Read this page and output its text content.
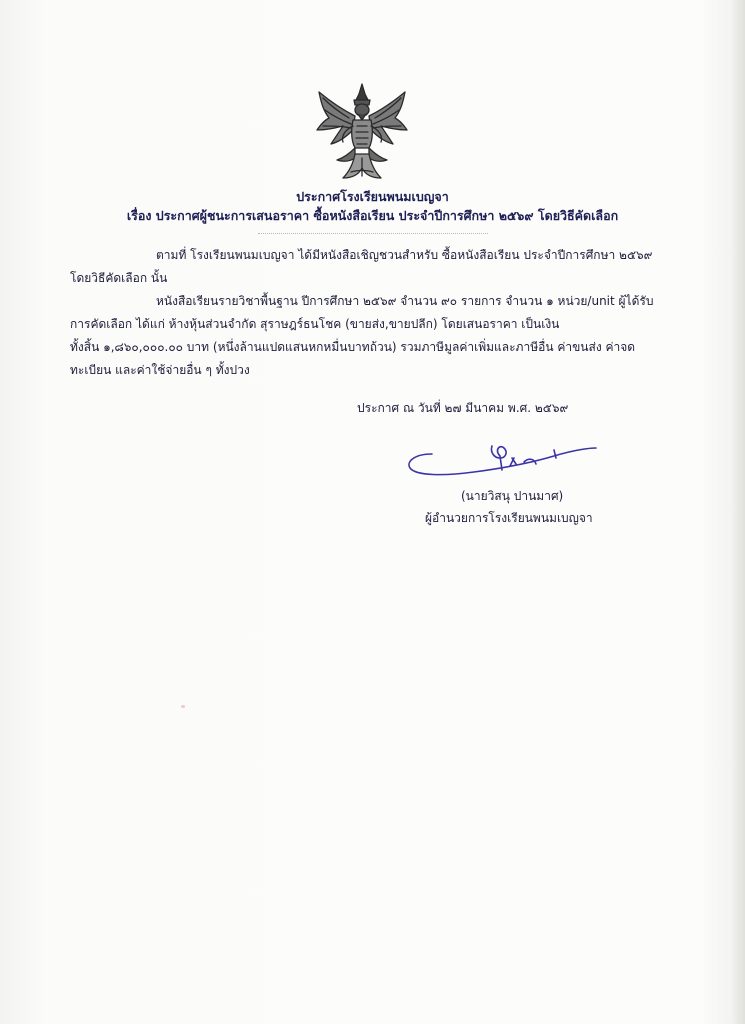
ประกาศโรงเรียนพนมเบญจา
เรื่อง ประกาศผู้ชนะการเสนอราคา ซื้อหนังสือเรียน ประจำปีการศึกษา ๒๕๖๙ โดยวิธีคัดเลือก
ตามที่ โรงเรียนพนมเบญจา ได้มีหนังสือเชิญชวนสำหรับ ซื้อหนังสือเรียน ประจำปีการศึกษา ๒๕๖๙
โดยวิธีคัดเลือก นั้น
หนังสือเรียนรายวิชาพื้นฐาน ปีการศึกษา ๒๕๖๙ จำนวน ๙๐ รายการ จำนวน ๑ หน่วย/unit ผู้ได้รับ
การคัดเลือก ได้แก่ ห้างหุ้นส่วนจำกัด สุราษฎร์ธนโชค (ขายส่ง,ขายปลีก) โดยเสนอราคา เป็นเงิน
ทั้งสิ้น ๑,๘๖๐,๐๐๐.๐๐ บาท (หนึ่งล้านแปดแสนหกหมื่นบาทถ้วน) รวมภาษีมูลค่าเพิ่มและภาษีอื่น ค่าขนส่ง ค่าจด
ทะเบียน และค่าใช้จ่ายอื่น ๆ ทั้งปวง
ประกาศ ณ วันที่ ๒๗ มีนาคม พ.ศ. ๒๕๖๙
(นายวิสนุ ปานมาศ)
ผู้อำนวยการโรงเรียนพนมเบญจา
